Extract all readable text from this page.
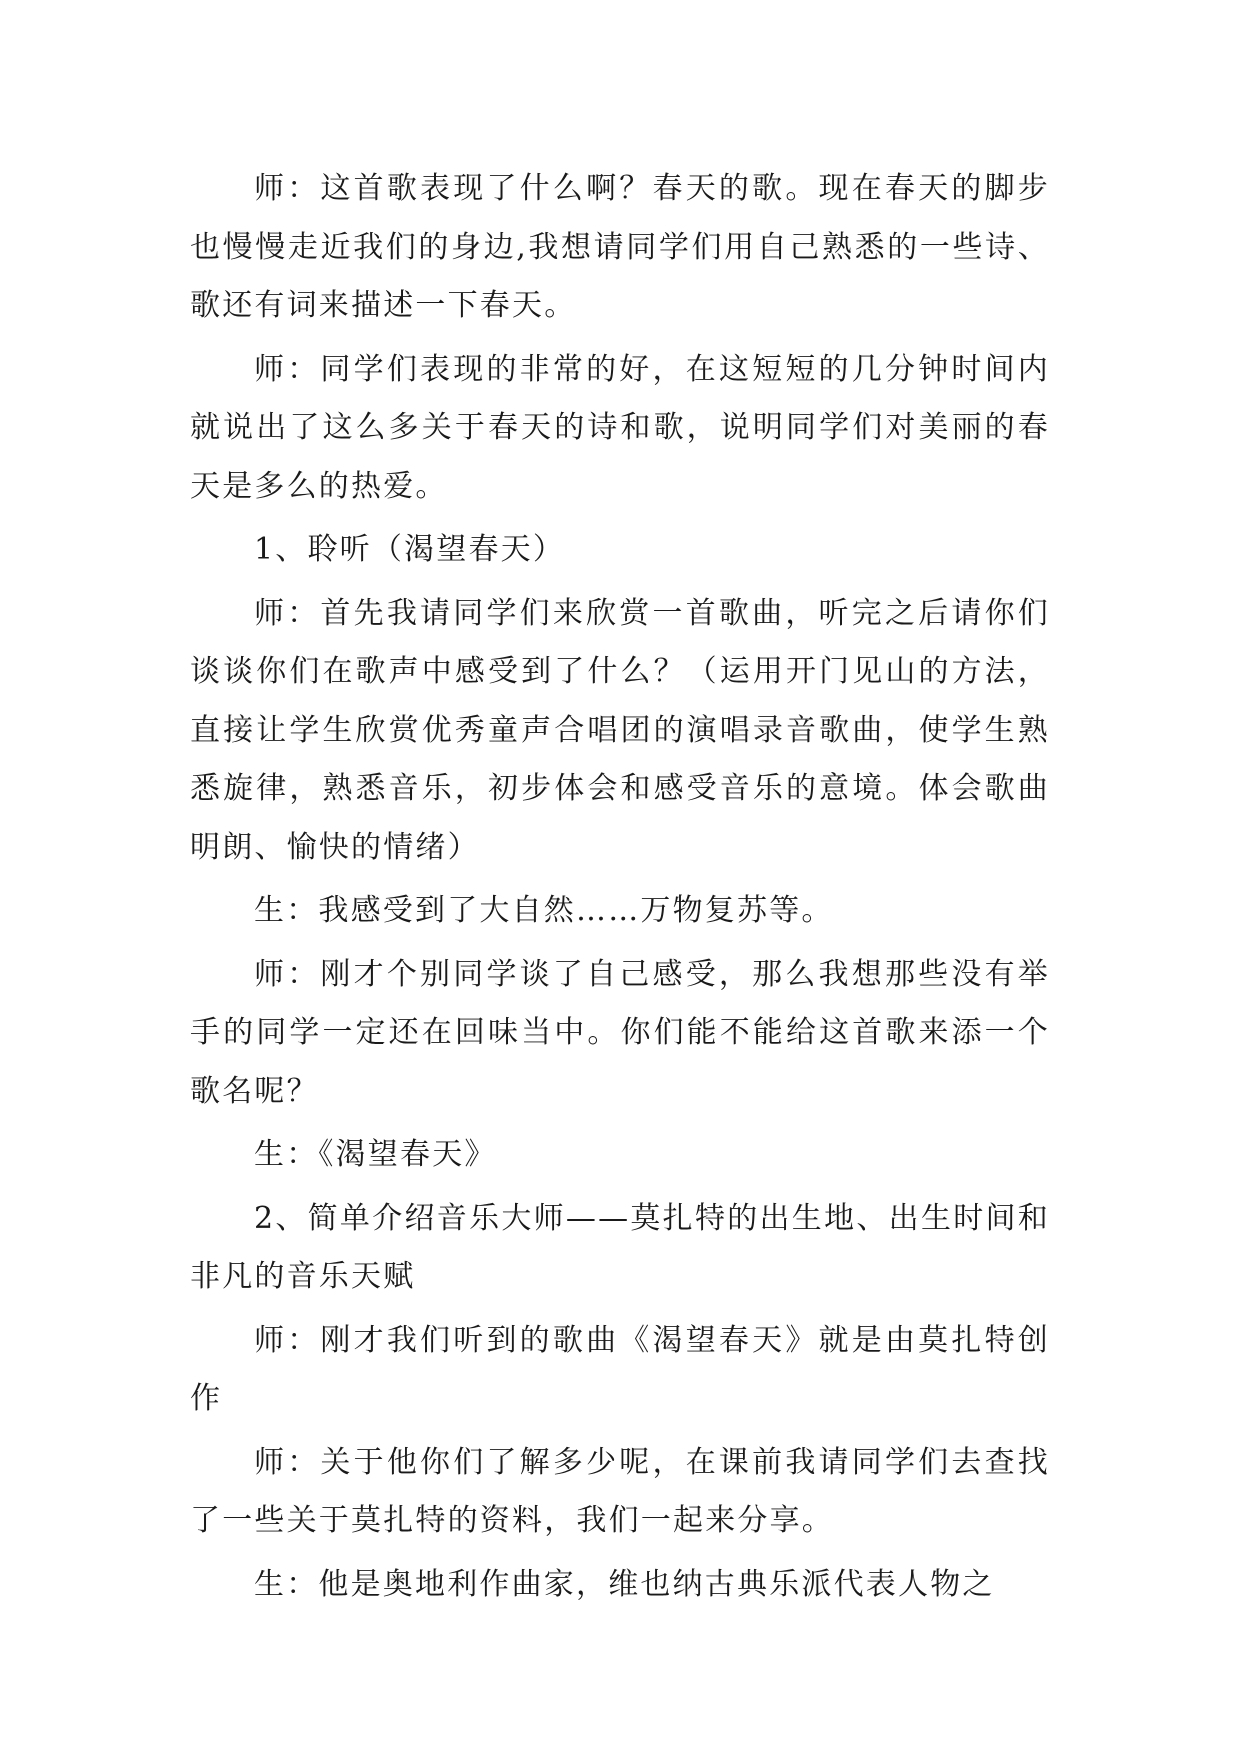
师：这首歌表现了什么啊？春天的歌。现在春天的脚步也慢慢走近我们的身边,我想请同学们用自己熟悉的一些诗、歌还有词来描述一下春天。

师：同学们表现的非常的好，在这短短的几分钟时间内就说出了这么多关于春天的诗和歌，说明同学们对美丽的春天是多么的热爱。

1、聆听（渴望春天）

师：首先我请同学们来欣赏一首歌曲，听完之后请你们谈谈你们在歌声中感受到了什么？（运用开门见山的方法，直接让学生欣赏优秀童声合唱团的演唱录音歌曲，使学生熟悉旋律，熟悉音乐，初步体会和感受音乐的意境。体会歌曲明朗、愉快的情绪）

生：我感受到了大自然……万物复苏等。

师：刚才个别同学谈了自己感受，那么我想那些没有举手的同学一定还在回味当中。你们能不能给这首歌来添一个歌名呢？

生：《渴望春天》

2、简单介绍音乐大师——莫扎特的出生地、出生时间和非凡的音乐天赋

师：刚才我们听到的歌曲《渴望春天》就是由莫扎特创作

师：关于他你们了解多少呢，在课前我请同学们去查找了一些关于莫扎特的资料，我们一起来分享。

生：他是奥地利作曲家，维也纳古典乐派代表人物之
